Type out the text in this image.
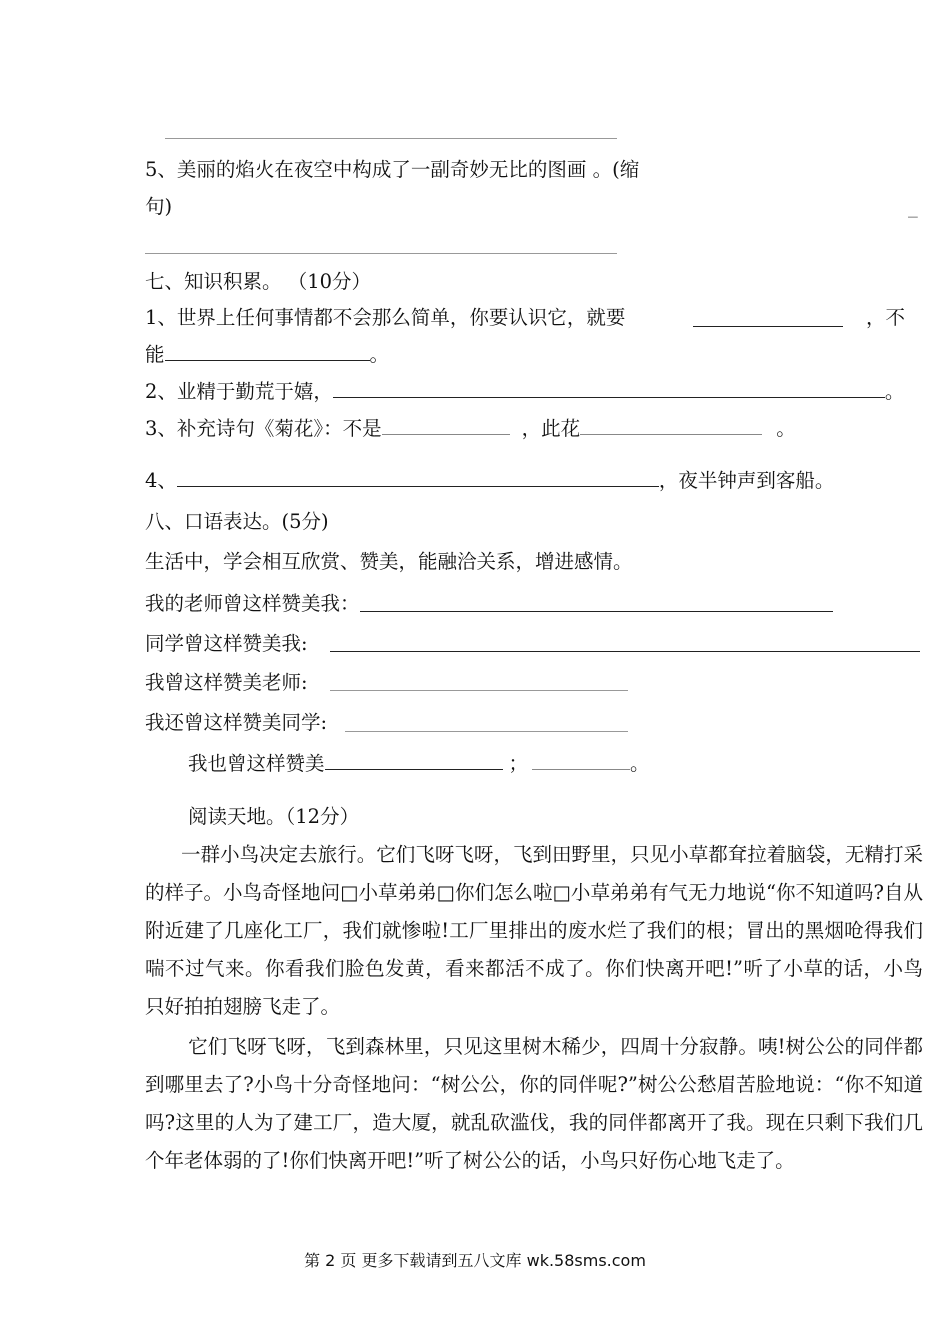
5、美丽的焰火在夜空中构成了一副奇妙无比的图画 。(缩
句)	_
七、知识积累。 （10分）
1、世界上任何事情都不会那么简单，你要认识它，就要	，不
能	。
2、业精于勤荒于嬉，	。
3、补充诗句《菊花》：不是	，此花	。
4、	，夜半钟声到客船。
八、口语表达。(5分)
生活中，学会相互欣赏、赞美，能融洽关系，增进感情。
我的老师曾这样赞美我：
同学曾这样赞美我:
我曾这样赞美老师:
我还曾这样赞美同学:
我也曾这样赞美	；	。
阅读天地。（12分）
一群小鸟决定去旅行。它们飞呀飞呀，飞到田野里，只见小草都耷拉着脑袋，无精打采的样子。小鸟奇怪地问□小草弟弟□你们怎么啦□小草弟弟有气无力地说“你不知道吗?自从附近建了几座化工厂，我们就惨啦!工厂里排出的废水烂了我们的根；冒出的黑烟呛得我们喘不过气来。你看我们脸色发黄，看来都活不成了。你们快离开吧!”听了小草的话，小鸟只好拍拍翅膀飞走了。
它们飞呀飞呀，飞到森林里，只见这里树木稀少，四周十分寂静。咦!树公公的同伴都到哪里去了?小鸟十分奇怪地问：“树公公，你的同伴呢?”树公公愁眉苦脸地说：“你不知道吗?这里的人为了建工厂，造大厦，就乱砍滥伐，我的同伴都离开了我。现在只剩下我们几个年老体弱的了!你们快离开吧!”听了树公公的话，小鸟只好伤心地飞走了。
第 2 页 更多下载请到五八文库 wk.58sms.com
